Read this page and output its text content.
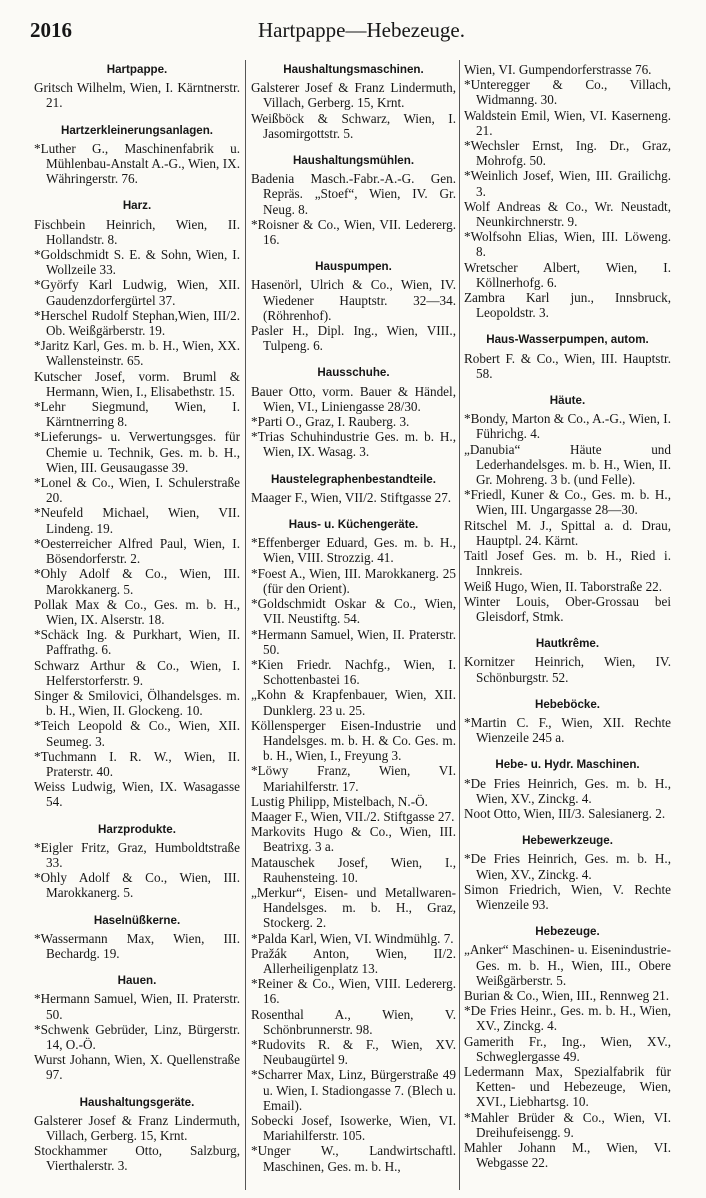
2016	Hartpappe—Hebezeuge.
Hartpappe.
Gritsch Wilhelm, Wien, I. Kärntnerstr. 21.
Hartzerkleinerungsanlagen.
*Luther G., Maschinenfabrik u. Mühlenbau-Anstalt A.-G., Wien, IX. Währingerstr. 76.
Harz.
Fischbein Heinrich, Wien, II. Hollandstr. 8.
*Goldschmidt S. E. & Sohn, Wien, I. Wollzeile 33.
*Györfy Karl Ludwig, Wien, XII. Gaudenzdorfergürtel 37.
*Herschel Rudolf Stephan,Wien, III/2. Ob. Weißgärberstr. 19.
*Jaritz Karl, Ges. m. b. H., Wien, XX. Wallensteinstr. 65.
Kutscher Josef, vorm. Bruml & Hermann, Wien, I., Elisabethstr. 15.
*Lehr Siegmund, Wien, I. Kärntnerring 8.
*Lieferungs- u. Verwertungsges. für Chemie u. Technik, Ges. m. b. H., Wien, III. Geusaugasse 39.
*Lonel & Co., Wien, I. Schulerstraße 20.
*Neufeld Michael, Wien, VII. Lindeng. 19.
*Oesterreicher Alfred Paul, Wien, I. Bösendorferstr. 2.
*Ohly Adolf & Co., Wien, III. Marokkanerg. 5.
Pollak Max & Co., Ges. m. b. H., Wien, IX. Alserstr. 18.
*Schäck Ing. & Purkhart, Wien, II. Paffrathg. 6.
Schwarz Arthur & Co., Wien, I. Helferstorferstr. 9.
Singer & Smilovici, Ölhandelsges. m. b. H., Wien, II. Glockeng. 10.
*Teich Leopold & Co., Wien, XII. Seumeg. 3.
*Tuchmann I. R. W., Wien, II. Praterstr. 40.
Weiss Ludwig, Wien, IX. Wasagasse 54.
Harzprodukte.
*Eigler Fritz, Graz, Humboldtstraße 33.
*Ohly Adolf & Co., Wien, III. Marokkanerg. 5.
Haselnüßkerne.
*Wassermann Max, Wien, III. Bechardg. 19.
Hauen.
*Hermann Samuel, Wien, II. Praterstr. 50.
*Schwenk Gebrüder, Linz, Bürgerstr. 14, O.-Ö.
Wurst Johann, Wien, X. Quellenstraße 97.
Haushaltungsgeräte.
Galsterer Josef & Franz Lindermuth, Villach, Gerberg. 15, Krnt.
Stockhammer Otto, Salzburg, Vierthalerstr. 3.
Haushaltungsmaschinen.
Galsterer Josef & Franz Lindermuth, Villach, Gerberg. 15, Krnt.
Weißböck & Schwarz, Wien, I. Jasomirgottstr. 5.
Haushaltungsmühlen.
Badenia Masch.-Fabr.-A.-G. Gen. Repräs. „Stoef“, Wien, IV. Gr. Neug. 8.
*Roisner & Co., Wien, VII. Ledererg. 16.
Hauspumpen.
Hasenörl, Ulrich & Co., Wien, IV. Wiedener Hauptstr. 32—34. (Röhrenhof).
Pasler H., Dipl. Ing., Wien, VIII., Tulpeng. 6.
Hausschuhe.
Bauer Otto, vorm. Bauer & Händel, Wien, VI., Liniengasse 28/30.
*Parti O., Graz, I. Rauberg. 3.
*Trias Schuhindustrie Ges. m. b. H., Wien, IX. Wasag. 3.
Haustelegraphenbestandteile.
Maager F., Wien, VII/2. Stiftgasse 27.
Haus- u. Küchengeräte.
*Effenberger Eduard, Ges. m. b. H., Wien, VIII. Strozzig. 41.
*Foest A., Wien, III. Marokkanerg. 25 (für den Orient).
*Goldschmidt Oskar & Co., Wien, VII. Neustiftg. 54.
*Hermann Samuel, Wien, II. Praterstr. 50.
*Kien Friedr. Nachfg., Wien, I. Schottenbastei 16.
„Kohn & Krapfenbauer, Wien, XII. Dunklerg. 23 u. 25.
Köllensperger Eisen-Industrie und Handelsges. m. b. H. & Co. Ges. m. b. H., Wien, I., Freyung 3.
*Löwy Franz, Wien, VI. Mariahilferstr. 17.
Lustig Philipp, Mistelbach, N.-Ö.
Maager F., Wien, VII./2. Stiftgasse 27.
Markovits Hugo & Co., Wien, III. Beatrixg. 3 a.
Matauschek Josef, Wien, I., Rauhensteing. 10.
„Merkur“, Eisen- und Metallwaren-Handelsges. m. b. H., Graz, Stockerg. 2.
*Palda Karl, Wien, VI. Windmühlg. 7.
Pražák Anton, Wien, II/2. Allerheiligenplatz 13.
*Reiner & Co., Wien, VIII. Ledererg. 16.
Rosenthal A., Wien, V. Schönbrunnerstr. 98.
*Rudovits R. & F., Wien, XV. Neubaugürtel 9.
*Scharrer Max, Linz, Bürgerstraße 49 u. Wien, I. Stadiongasse 7. (Blech u. Email).
Sobecki Josef, Isowerke, Wien, VI. Mariahilferstr. 105.
*Unger W., Landwirtschaftl. Maschinen, Ges. m. b. H.,
Wien, VI. Gumpendorferstrasse 76.
*Unteregger & Co., Villach, Widmanng. 30.
Waldstein Emil, Wien, VI. Kaserneng. 21.
*Wechsler Ernst, Ing. Dr., Graz, Mohrofg. 50.
*Weinlich Josef, Wien, III. Grailichg. 3.
Wolf Andreas & Co., Wr. Neustadt, Neunkirchnerstr. 9.
*Wolfsohn Elias, Wien, III. Löweng. 8.
Wretscher Albert, Wien, I. Köllnerhofg. 6.
Zambra Karl jun., Innsbruck, Leopoldstr. 3.
Haus-Wasserpumpen, autom.
Robert F. & Co., Wien, III. Hauptstr. 58.
Häute.
*Bondy, Marton & Co., A.-G., Wien, I. Führichg. 4.
„Danubia“ Häute und Lederhandelsges. m. b. H., Wien, II. Gr. Mohreng. 3 b. (und Felle).
*Friedl, Kuner & Co., Ges. m. b. H., Wien, III. Ungargasse 28—30.
Ritschel M. J., Spittal a. d. Drau, Hauptpl. 24. Kärnt.
Taitl Josef Ges. m. b. H., Ried i. Innkreis.
Weiß Hugo, Wien, II. Taborstraße 22.
Winter Louis, Ober-Grossau bei Gleisdorf, Stmk.
Hautkrême.
Kornitzer Heinrich, Wien, IV. Schönburgstr. 52.
Hebeböcke.
*Martin C. F., Wien, XII. Rechte Wienzeile 245 a.
Hebe- u. Hydr. Maschinen.
*De Fries Heinrich, Ges. m. b. H., Wien, XV., Zinckg. 4.
Noot Otto, Wien, III/3. Salesianerg. 2.
Hebewerkzeuge.
*De Fries Heinrich, Ges. m. b. H., Wien, XV., Zinckg. 4.
Simon Friedrich, Wien, V. Rechte Wienzeile 93.
Hebezeuge.
„Anker“ Maschinen- u. Eisenindustrie-Ges. m. b. H., Wien, III., Obere Weißgärberstr. 5.
Burian & Co., Wien, III., Rennweg 21.
*De Fries Heinr., Ges. m. b. H., Wien, XV., Zinckg. 4.
Gamerith Fr., Ing., Wien, XV., Schweglergasse 49.
Ledermann Max, Spezialfabrik für Ketten- und Hebezeuge, Wien, XVI., Liebhartsg. 10.
*Mahler Brüder & Co., Wien, VI. Dreihufeisengg. 9.
Mahler Johann M., Wien, VI. Webgasse 22.
